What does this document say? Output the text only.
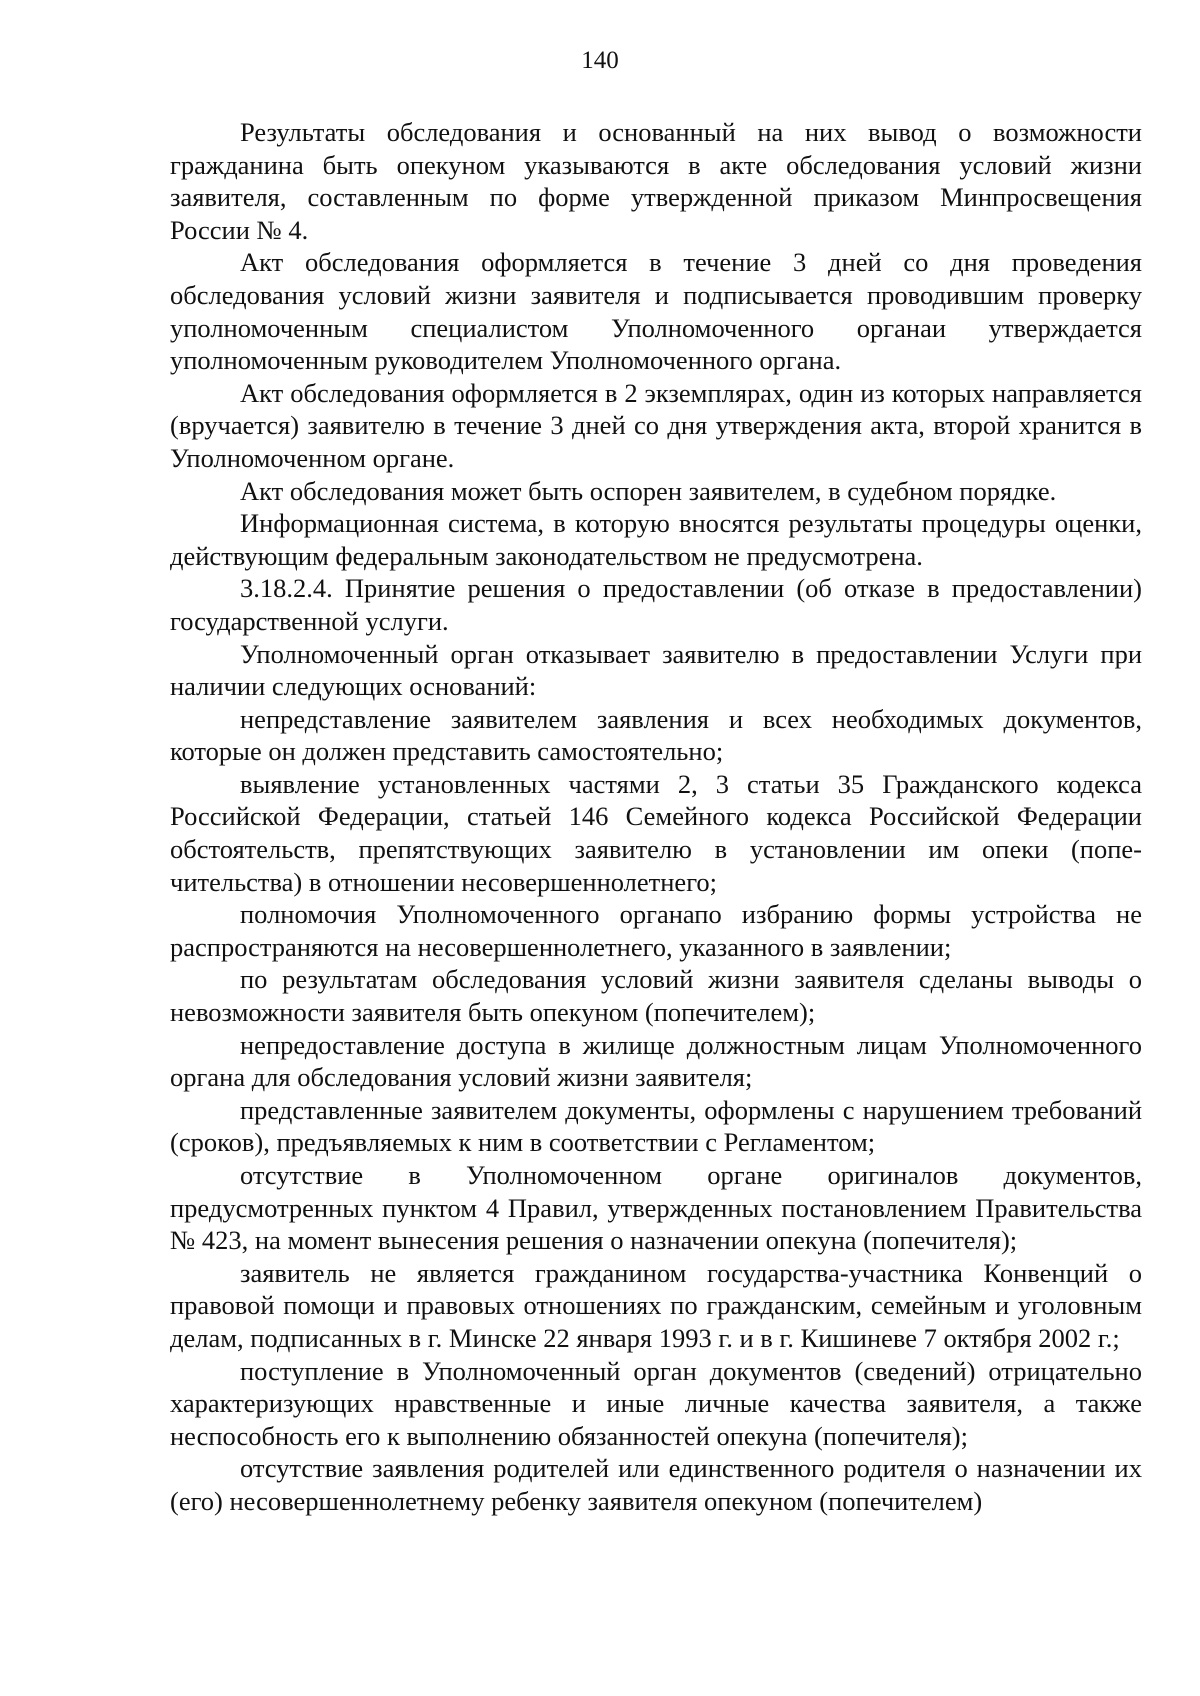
140

Результаты обследования и основанный на них вывод о возможности гражданина быть опекуном указываются в акте обследования условий жизни заявителя, составленным по форме утвержденной приказом Минпросвещения России № 4.

Акт обследования оформляется в течение 3 дней со дня проведения обследования условий жизни заявителя и подписывается проводившим проверку уполномоченным специалистом Уполномоченного органаи утверждается уполномоченным руководителем Уполномоченного органа.

Акт обследования оформляется в 2 экземплярах, один из которых направляется (вручается) заявителю в течение 3 дней со дня утверждения акта, второй хранится в Уполномоченном органе.

Акт обследования может быть оспорен заявителем, в судебном порядке.

Информационная система, в которую вносятся результаты процедуры оценки, действующим федеральным законодательством не предусмотрена.

3.18.2.4. Принятие решения о предоставлении (об отказе в предоставлении) государственной услуги.

Уполномоченный орган отказывает заявителю в предоставлении Услуги при наличии следующих оснований:

непредставление заявителем заявления и всех необходимых документов, которые он должен представить самостоятельно;

выявление установленных частями 2, 3 статьи 35 Гражданского кодекса Российской Федерации, статьей 146 Семейного кодекса Российской Федерации обстоятельств, препятствующих заявителю в установлении им опеки (попечительства) в отношении несовершеннолетнего;

полномочия Уполномоченного органапо избранию формы устройства не распространяются на несовершеннолетнего, указанного в заявлении;

по результатам обследования условий жизни заявителя сделаны выводы о невозможности заявителя быть опекуном (попечителем);

непредоставление доступа в жилище должностным лицам Уполномоченного органа для обследования условий жизни заявителя;

представленные заявителем документы, оформлены с нарушением требований (сроков), предъявляемых к ним в соответствии с Регламентом;

отсутствие в Уполномоченном органе оригиналов документов, предусмотренных пунктом 4 Правил, утвержденных постановлением Правительства № 423, на момент вынесения решения о назначении опекуна (попечителя);

заявитель не является гражданином государства-участника Конвенций о правовой помощи и правовых отношениях по гражданским, семейным и уголовным делам, подписанных в г. Минске 22 января 1993 г. и в г. Кишиневе 7 октября 2002 г.;

поступление в Уполномоченный орган документов (сведений) отрицательно характеризующих нравственные и иные личные качества заявителя, а также неспособность его к выполнению обязанностей опекуна (попечителя);

отсутствие заявления родителей или единственного родителя о назначении их (его) несовершеннолетнему ребенку заявителя опекуном (попечителем)
